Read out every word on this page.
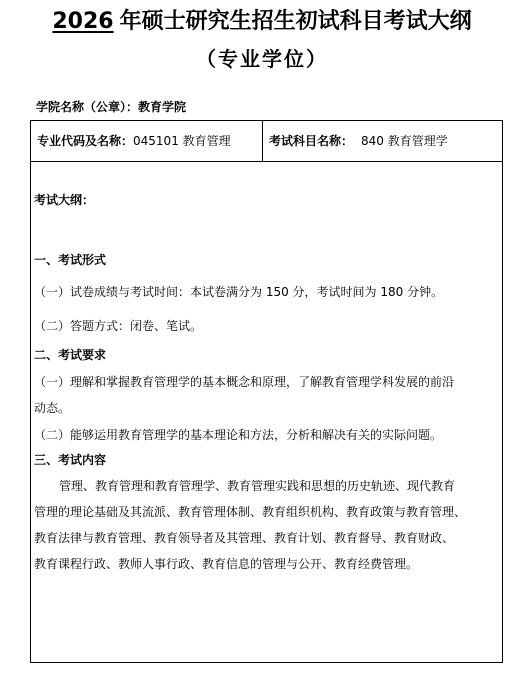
2026 年硕士研究生招生初试科目考试大纲
（专业学位）
学院名称（公章）：教育学院
专业代码及名称：045101 教育管理	考试科目名称： 840 教育管理学
考试大纲：
一、考试形式
（一）试卷成绩与考试时间：本试卷满分为 150 分，考试时间为 180 分钟。
（二）答题方式：闭卷、笔试。
二、考试要求
（一）理解和掌握教育管理学的基本概念和原理，了解教育管理学科发展的前沿
动态。
（二）能够运用教育管理学的基本理论和方法，分析和解决有关的实际问题。
三、考试内容
管理、教育管理和教育管理学、教育管理实践和思想的历史轨迹、现代教育
管理的理论基础及其流派、教育管理体制、教育组织机构、教育政策与教育管理、
教育法律与教育管理、教育领导者及其管理、教育计划、教育督导、教育财政、
教育课程行政、教师人事行政、教育信息的管理与公开、教育经费管理。
